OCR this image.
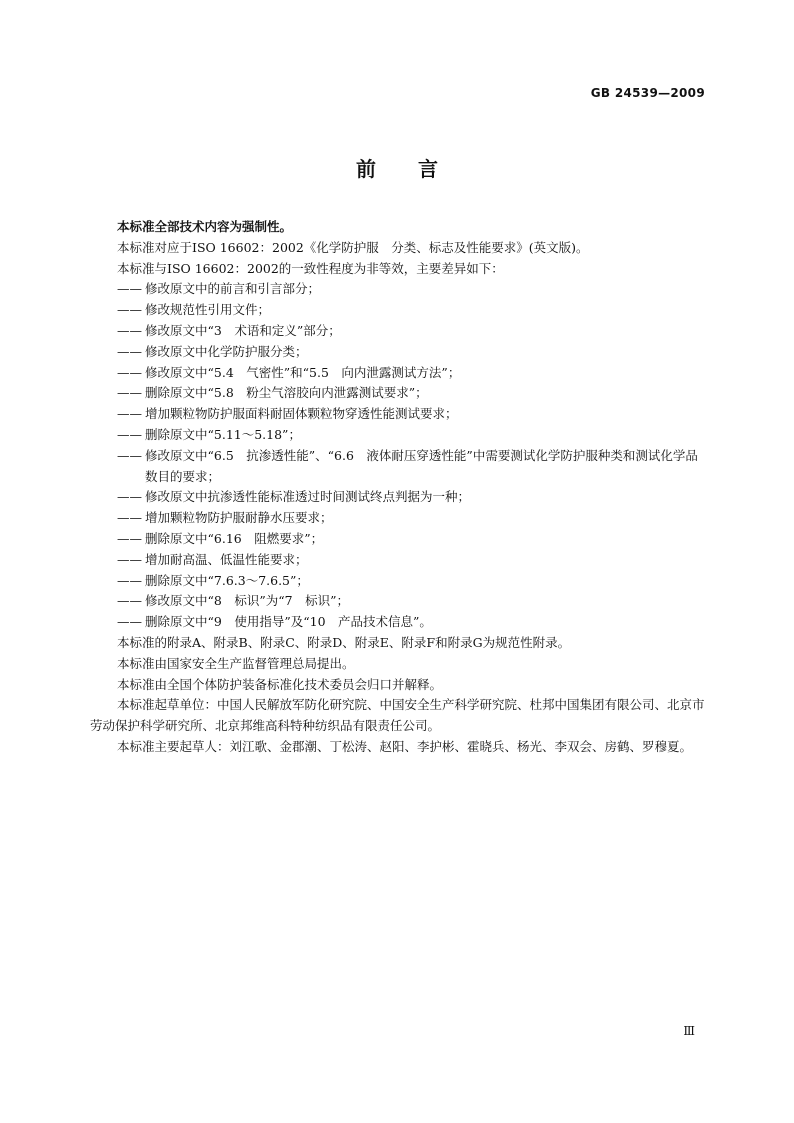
GB 24539—2009
前言

本标准全部技术内容为强制性。

本标准对应于ISO 16602：2002《化学防护服　分类、标志及性能要求》(英文版)。

本标准与ISO 16602：2002的一致性程度为非等效，主要差异如下：

—— 修改原文中的前言和引言部分；
—— 修改规范性引用文件；
—— 修改原文中“3　术语和定义”部分；
—— 修改原文中化学防护服分类；
—— 修改原文中“5.4　气密性”和“5.5　向内泄露测试方法”；
—— 删除原文中“5.8　粉尘气溶胶向内泄露测试要求”；
—— 增加颗粒物防护服面料耐固体颗粒物穿透性能测试要求；
—— 删除原文中“5.11～5.18”；
—— 修改原文中“6.5　抗渗透性能”、“6.6　液体耐压穿透性能”中需要测试化学防护服种类和测试化学品数目的要求；
—— 修改原文中抗渗透性能标准透过时间测试终点判据为一种；
—— 增加颗粒物防护服耐静水压要求；
—— 删除原文中“6.16　阻燃要求”；
—— 增加耐高温、低温性能要求；
—— 删除原文中“7.6.3～7.6.5”；
—— 修改原文中“8　标识”为“7　标识”；
—— 删除原文中“9　使用指导”及“10　产品技术信息”。

本标准的附录A、附录B、附录C、附录D、附录E、附录F和附录G为规范性附录。

本标准由国家安全生产监督管理总局提出。

本标准由全国个体防护装备标准化技术委员会归口并解释。

本标准起草单位：中国人民解放军防化研究院、中国安全生产科学研究院、杜邦中国集团有限公司、北京市劳动保护科学研究所、北京邦维高科特种纺织品有限责任公司。

本标准主要起草人：刘江歌、金郡潮、丁松涛、赵阳、李护彬、霍晓兵、杨光、李双会、房鹤、罗穆夏。

Ⅲ
